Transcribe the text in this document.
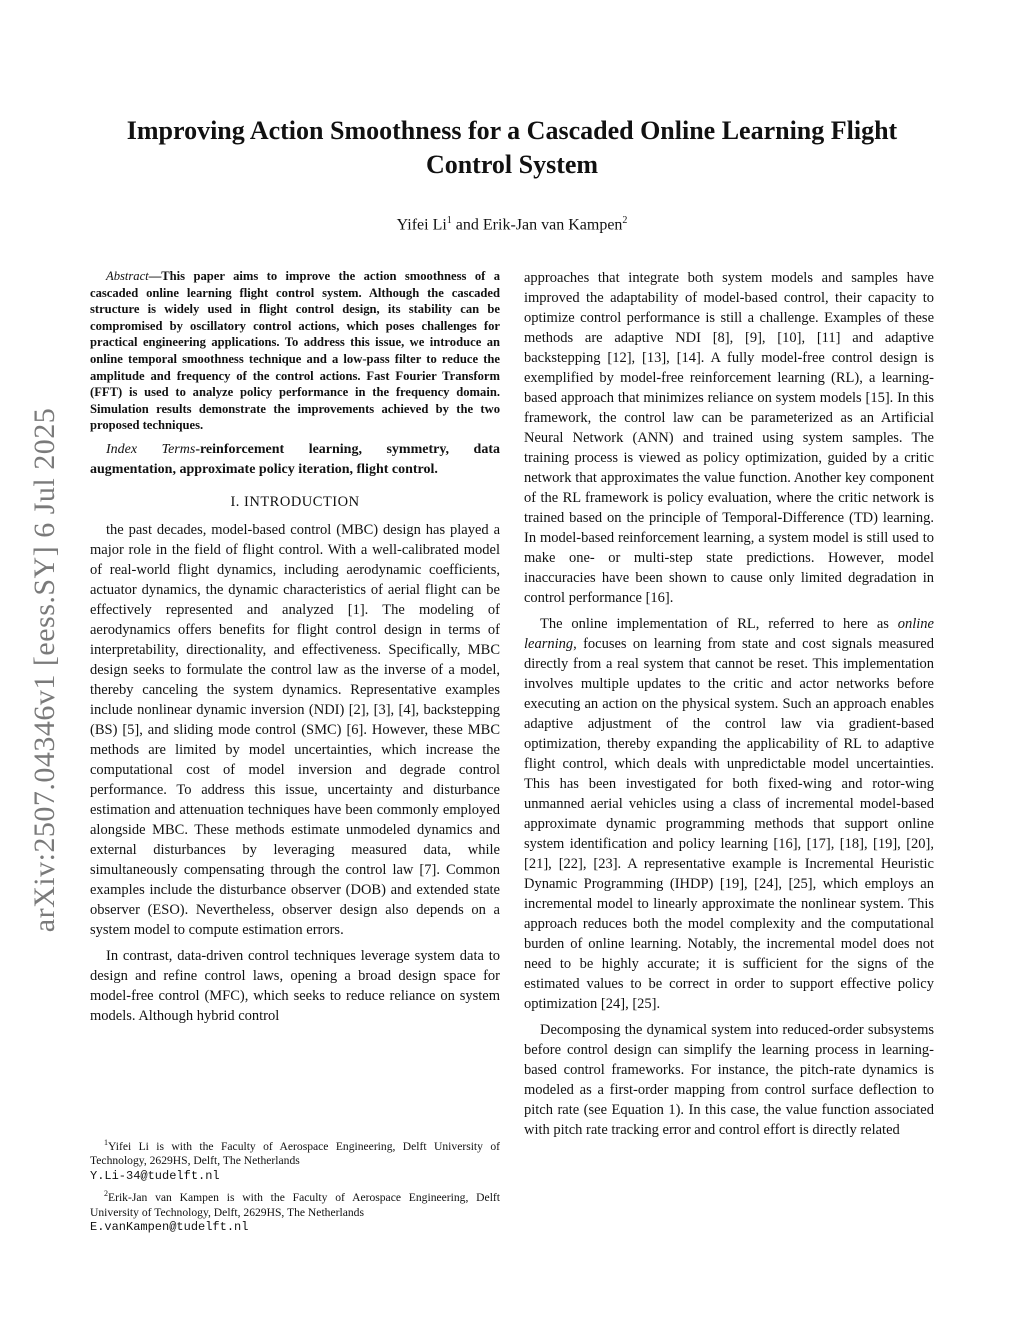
arXiv:2507.04346v1 [eess.SY] 6 Jul 2025
Improving Action Smoothness for a Cascaded Online Learning Flight Control System
Yifei Li$^1$ and Erik-Jan van Kampen$^2$

Abstract—This paper aims to improve the action smoothness of a cascaded online learning flight control system. Although the cascaded structure is widely used in flight control design, its stability can be compromised by oscillatory control actions, which poses challenges for practical engineering applications. To address this issue, we introduce an online temporal smoothness technique and a low-pass filter to reduce the amplitude and frequency of the control actions. Fast Fourier Transform (FFT) is used to analyze policy performance in the frequency domain. Simulation results demonstrate the improvements achieved by the two proposed techniques.

Index Terms-reinforcement learning, symmetry, data augmentation, approximate policy iteration, flight control.

I. INTRODUCTION

the past decades, model-based control (MBC) design has played a major role in the field of flight control. With a well-calibrated model of real-world flight dynamics, including aerodynamic coefficients, actuator dynamics, the dynamic characteristics of aerial flight can be effectively represented and analyzed [1]. The modeling of aerodynamics offers benefits for flight control design in terms of interpretability, directionality, and effectiveness. Specifically, MBC design seeks to formulate the control law as the inverse of a model, thereby canceling the system dynamics. Representative examples include nonlinear dynamic inversion (NDI) [2], [3], [4], backstepping (BS) [5], and sliding mode control (SMC) [6]. However, these MBC methods are limited by model uncertainties, which increase the computational cost of model inversion and degrade control performance. To address this issue, uncertainty and disturbance estimation and attenuation techniques have been commonly employed alongside MBC. These methods estimate unmodeled dynamics and external disturbances by leveraging measured data, while simultaneously compensating through the control law [7]. Common examples include the disturbance observer (DOB) and extended state observer (ESO). Nevertheless, observer design also depends on a system model to compute estimation errors.

In contrast, data-driven control techniques leverage system data to design and refine control laws, opening a broad design space for model-free control (MFC), which seeks to reduce reliance on system models. Although hybrid control

$^1$Yifei Li is with the Faculty of Aerospace Engineering, Delft University of Technology, 2629HS, Delft, The Netherlands
Y.Li-34@tudelft.nl

$^2$Erik-Jan van Kampen is with the Faculty of Aerospace Engineering, Delft University of Technology, Delft, 2629HS, The Netherlands
E.vanKampen@tudelft.nl

approaches that integrate both system models and samples have improved the adaptability of model-based control, their capacity to optimize control performance is still a challenge. Examples of these methods are adaptive NDI [8], [9], [10], [11] and adaptive backstepping [12], [13], [14]. A fully model-free control design is exemplified by model-free reinforcement learning (RL), a learning-based approach that minimizes reliance on system models [15]. In this framework, the control law can be parameterized as an Artificial Neural Network (ANN) and trained using system samples. The training process is viewed as policy optimization, guided by a critic network that approximates the value function. Another key component of the RL framework is policy evaluation, where the critic network is trained based on the principle of Temporal-Difference (TD) learning. In model-based reinforcement learning, a system model is still used to make one- or multi-step state predictions. However, model inaccuracies have been shown to cause only limited degradation in control performance [16].

The online implementation of RL, referred to here as online learning, focuses on learning from state and cost signals measured directly from a real system that cannot be reset. This implementation involves multiple updates to the critic and actor networks before executing an action on the physical system. Such an approach enables adaptive adjustment of the control law via gradient-based optimization, thereby expanding the applicability of RL to adaptive flight control, which deals with unpredictable model uncertainties. This has been investigated for both fixed-wing and rotor-wing unmanned aerial vehicles using a class of incremental model-based approximate dynamic programming methods that support online system identification and policy learning [16], [17], [18], [19], [20], [21], [22], [23]. A representative example is Incremental Heuristic Dynamic Programming (IHDP) [19], [24], [25], which employs an incremental model to linearly approximate the nonlinear system. This approach reduces both the model complexity and the computational burden of online learning. Notably, the incremental model does not need to be highly accurate; it is sufficient for the signs of the estimated values to be correct in order to support effective policy optimization [24], [25].

Decomposing the dynamical system into reduced-order subsystems before control design can simplify the learning process in learning-based control frameworks. For instance, the pitch-rate dynamics is modeled as a first-order mapping from control surface deflection to pitch rate (see Equation 1). In this case, the value function associated with pitch rate tracking error and control effort is directly related
